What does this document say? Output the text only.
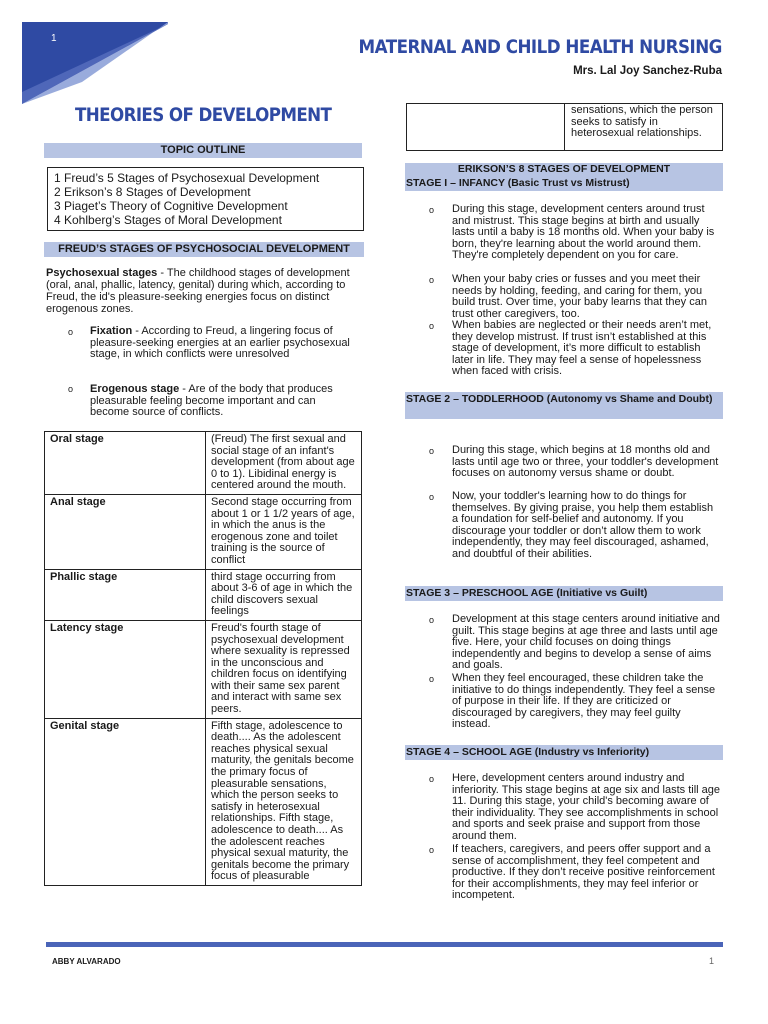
1	MATERNAL AND CHILD HEALTH NURSING
Mrs. Lal Joy Sanchez-Ruba
THEORIES OF DEVELOPMENT
TOPIC OUTLINE
1 Freud’s 5 Stages of Psychosexual Development
2 Erikson’s 8 Stages of Development
3 Piaget’s Theory of Cognitive Development
4 Kohlberg’s Stages of Moral Development
FREUD’S STAGES OF PSYCHOSOCIAL DEVELOPMENT
Psychosexual stages - The childhood stages of development (oral, anal, phallic, latency, genital) during which, according to Freud, the id's pleasure-seeking energies focus on distinct erogenous zones.
o Fixation - According to Freud, a lingering focus of pleasure-seeking energies at an earlier psychosexual stage, in which conflicts were unresolved
o Erogenous stage - Are of the body that produces pleasurable feeling become important and can become source of conflicts.
Oral stage	(Freud) The first sexual and social stage of an infant's development (from about age 0 to 1). Libidinal energy is centered around the mouth.
Anal stage	Second stage occurring from about 1 or 1 1/2 years of age, in which the anus is the erogenous zone and toilet training is the source of conflict
Phallic stage	third stage occurring from about 3-6 of age in which the child discovers sexual feelings
Latency stage	Freud's fourth stage of psychosexual development where sexuality is repressed in the unconscious and children focus on identifying with their same sex parent and interact with same sex peers.
Genital stage	Fifth stage, adolescence to death.... As the adolescent reaches physical sexual maturity, the genitals become the primary focus of pleasurable sensations, which the person seeks to satisfy in heterosexual relationships. Fifth stage, adolescence to death.... As the adolescent reaches physical sexual maturity, the genitals become the primary focus of pleasurable
sensations, which the person seeks to satisfy in heterosexual relationships.
ERIKSON’S 8 STAGES OF DEVELOPMENT
STAGE I – INFANCY (Basic Trust vs Mistrust)
o During this stage, development centers around trust and mistrust. This stage begins at birth and usually lasts until a baby is 18 months old. When your baby is born, they're learning about the world around them. They're completely dependent on you for care.
o When your baby cries or fusses and you meet their needs by holding, feeding, and caring for them, you build trust. Over time, your baby learns that they can trust other caregivers, too.
o When babies are neglected or their needs aren’t met, they develop mistrust. If trust isn’t established at this stage of development, it’s more difficult to establish later in life. They may feel a sense of hopelessness when faced with crisis.
STAGE 2 – TODDLERHOOD (Autonomy vs Shame and Doubt)
o During this stage, which begins at 18 months old and lasts until age two or three, your toddler's development focuses on autonomy versus shame or doubt.
o Now, your toddler's learning how to do things for themselves. By giving praise, you help them establish a foundation for self-belief and autonomy. If you discourage your toddler or don’t allow them to work independently, they may feel discouraged, ashamed, and doubtful of their abilities.
STAGE 3 – PRESCHOOL AGE (Initiative vs Guilt)
o Development at this stage centers around initiative and guilt. This stage begins at age three and lasts until age five. Here, your child focuses on doing things independently and begins to develop a sense of aims and goals.
o When they feel encouraged, these children take the initiative to do things independently. They feel a sense of purpose in their life. If they are criticized or discouraged by caregivers, they may feel guilty instead.
STAGE 4 – SCHOOL AGE (Industry vs Inferiority)
o Here, development centers around industry and inferiority. This stage begins at age six and lasts till age 11. During this stage, your child's becoming aware of their individuality. They see accomplishments in school and sports and seek praise and support from those around them.
o If teachers, caregivers, and peers offer support and a sense of accomplishment, they feel competent and productive. If they don’t receive positive reinforcement for their accomplishments, they may feel inferior or incompetent.
ABBY ALVARADO	1
